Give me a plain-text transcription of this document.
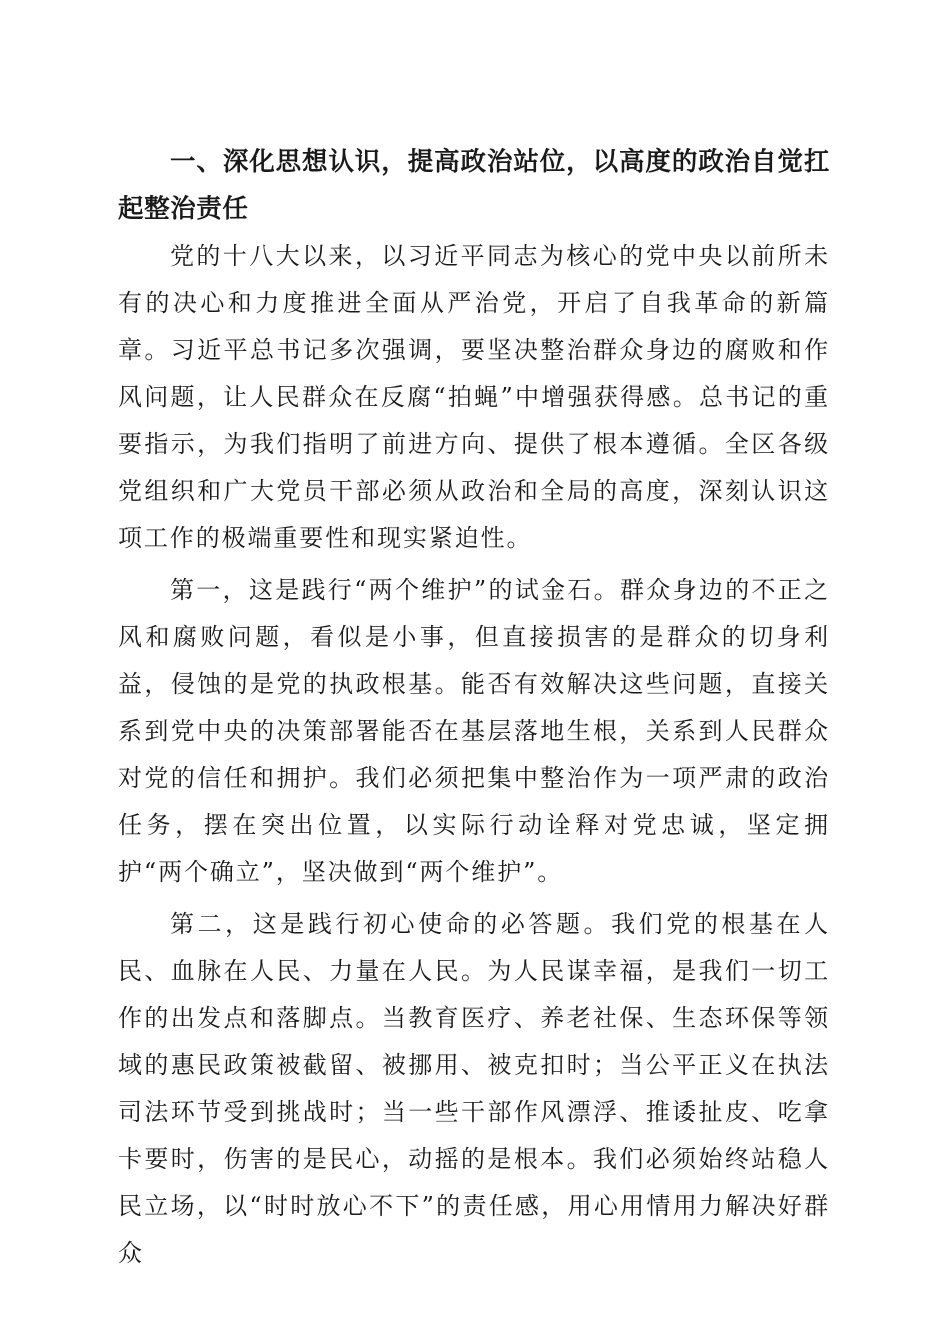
一、深化思想认识，提高政治站位，以高度的政治自觉扛起整治责任

党的十八大以来，以习近平同志为核心的党中央以前所未有的决心和力度推进全面从严治党，开启了自我革命的新篇章。习近平总书记多次强调，要坚决整治群众身边的腐败和作风问题，让人民群众在反腐“拍蝇”中增强获得感。总书记的重要指示，为我们指明了前进方向、提供了根本遵循。全区各级党组织和广大党员干部必须从政治和全局的高度，深刻认识这项工作的极端重要性和现实紧迫性。

第一，这是践行“两个维护”的试金石。群众身边的不正之风和腐败问题，看似是小事，但直接损害的是群众的切身利益，侵蚀的是党的执政根基。能否有效解决这些问题，直接关系到党中央的决策部署能否在基层落地生根，关系到人民群众对党的信任和拥护。我们必须把集中整治作为一项严肃的政治任务，摆在突出位置，以实际行动诠释对党忠诚，坚定拥护“两个确立”，坚决做到“两个维护”。

第二，这是践行初心使命的必答题。我们党的根基在人民、血脉在人民、力量在人民。为人民谋幸福，是我们一切工作的出发点和落脚点。当教育医疗、养老社保、生态环保等领域的惠民政策被截留、被挪用、被克扣时；当公平正义在执法司法环节受到挑战时；当一些干部作风漂浮、推诿扯皮、吃拿卡要时，伤害的是民心，动摇的是根本。我们必须始终站稳人民立场，以“时时放心不下”的责任感，用心用情用力解决好群众
